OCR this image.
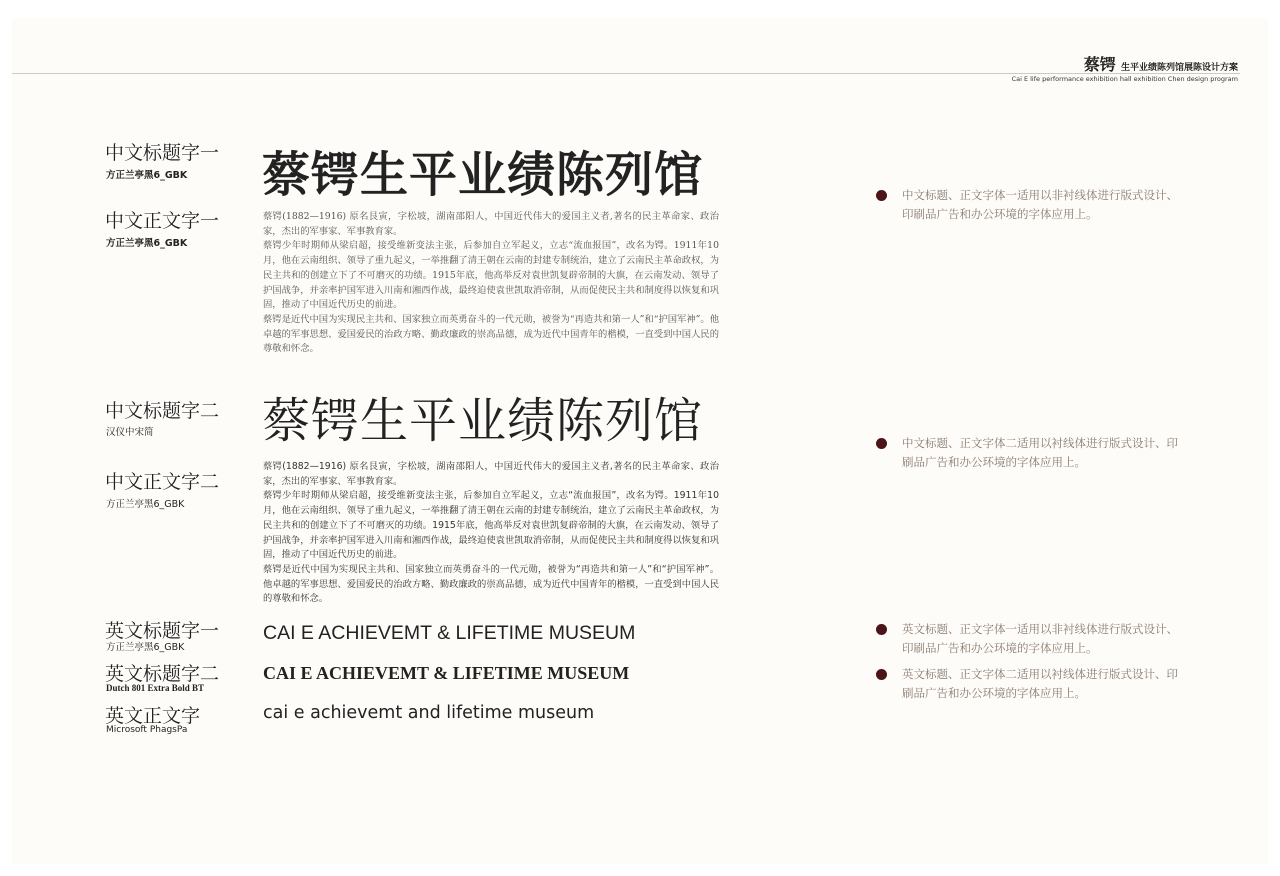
蔡锷 生平业绩陈列馆展陈设计方案
Cai E life performance exhibition hall exhibition Chen design program
中文标题字一
方正兰亭黑6_GBK 蔡锷生平业绩陈列馆
中文正文字一
方正兰亭黑6_GBK

蔡锷(1882—1916) 原名艮寅，字松坡，湖南邵阳人，中国近代伟大的爱国主义者,著名的民主革命家、政治家，杰出的军事家、军事教育家。

蔡锷少年时期师从梁启超，接受维新变法主张，后参加自立军起义，立志“流血报国”，改名为锷。1911年10月，他在云南组织、领导了重九起义，一举推翻了清王朝在云南的封建专制统治，建立了云南民主革命政权，为民主共和的创建立下了不可磨灭的功绩。1915年底，他高举反对袁世凯复辟帝制的大旗，在云南发动、领导了护国战争，并亲率护国军进入川南和湘西作战，最终迫使袁世凯取消帝制，从而促使民主共和制度得以恢复和巩固，推动了中国近代历史的前进。

蔡锷是近代中国为实现民主共和、国家独立而英勇奋斗的一代元勋，被誉为“再造共和第一人”和“护国军神”。他卓越的军事思想、爱国爱民的治政方略、勤政廉政的崇高品德，成为近代中国青年的楷模，一直受到中国人民的尊敬和怀念。

中文标题字二
汉仪中宋简 蔡锷生平业绩陈列馆
中文正文字二
方正兰亭黑6_GBK

蔡锷(1882—1916) 原名艮寅，字松坡，湖南邵阳人，中国近代伟大的爱国主义者,著名的民主革命家、政治家，杰出的军事家、军事教育家。

蔡锷少年时期师从梁启超，接受维新变法主张，后参加自立军起义，立志“流血报国”，改名为锷。1911年10月，他在云南组织、领导了重九起义，一举推翻了清王朝在云南的封建专制统治，建立了云南民主革命政权，为民主共和的创建立下了不可磨灭的功绩。1915年底，他高举反对袁世凯复辟帝制的大旗，在云南发动、领导了护国战争，并亲率护国军进入川南和湘西作战，最终迫使袁世凯取消帝制，从而促使民主共和制度得以恢复和巩固，推动了中国近代历史的前进。

蔡锷是近代中国为实现民主共和、国家独立而英勇奋斗的一代元勋，被誉为“再造共和第一人”和“护国军神”。他卓越的军事思想、爱国爱民的治政方略、勤政廉政的崇高品德，成为近代中国青年的楷模，一直受到中国人民的尊敬和怀念。

英文标题字一
方正兰亭黑6_GBK
CAI E ACHIEVEMT & LIFETIME MUSEUM
英文标题字二
Dutch 801 Extra Bold BT
CAI E ACHIEVEMT & LIFETIME MUSEUM
英文正文字
Microsoft PhagsPa
cai e achievemt and lifetime museum
中文标题、正文字体一适用以非衬线体进行版式设计、印刷品广告和办公环境的字体应用上。
中文标题、正文字体二适用以衬线体进行版式设计、印刷品广告和办公环境的字体应用上。
英文标题、正文字体一适用以非衬线体进行版式设计、印刷品广告和办公环境的字体应用上。
英文标题、正文字体二适用以衬线体进行版式设计、印刷品广告和办公环境的字体应用上。
